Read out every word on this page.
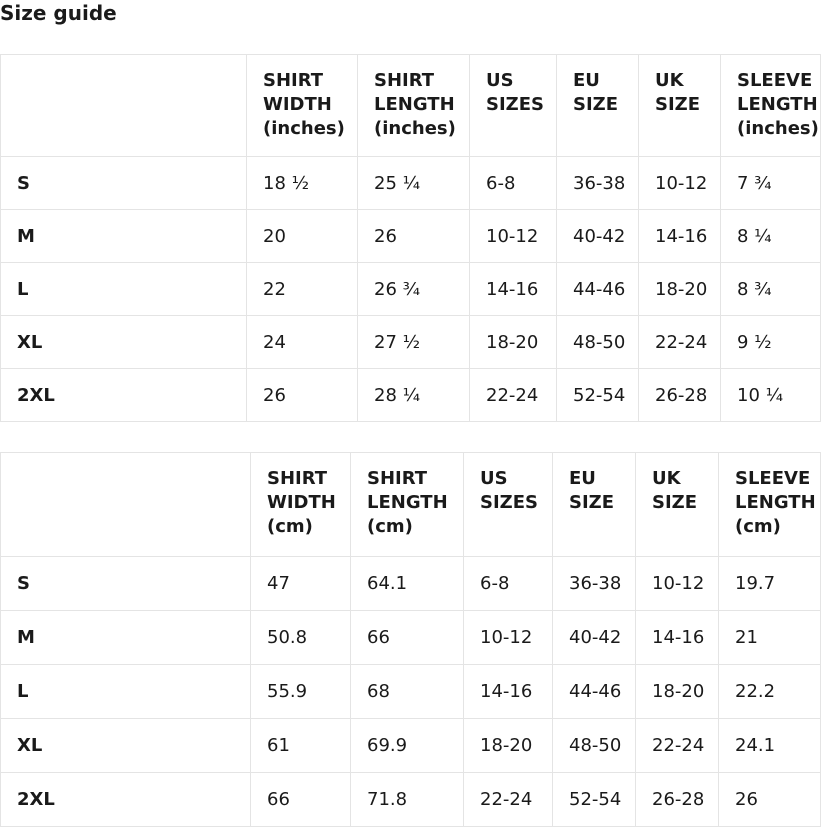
Size guide

	SHIRT
WIDTH
(inches)	SHIRT
LENGTH
(inches)	US
SIZES	EU
SIZE	UK
SIZE	SLEEVE
LENGTH
(inches)

S	18 ½	25 ¼	6-8	36-38	10-12	7 ¾
M	20	26	10-12	40-42	14-16	8 ¼
L	22	26 ¾	14-16	44-46	18-20	8 ¾
XL	24	27 ½	18-20	48-50	22-24	9 ½
2XL	26	28 ¼	22-24	52-54	26-28	10 ¼

	SHIRT
WIDTH
(cm)	SHIRT
LENGTH
(cm)	US
SIZES	EU
SIZE	UK
SIZE	SLEEVE
LENGTH
(cm)

S	47	64.1	6-8	36-38	10-12	19.7
M	50.8	66	10-12	40-42	14-16	21
L	55.9	68	14-16	44-46	18-20	22.2
XL	61	69.9	18-20	48-50	22-24	24.1
2XL	66	71.8	22-24	52-54	26-28	26
